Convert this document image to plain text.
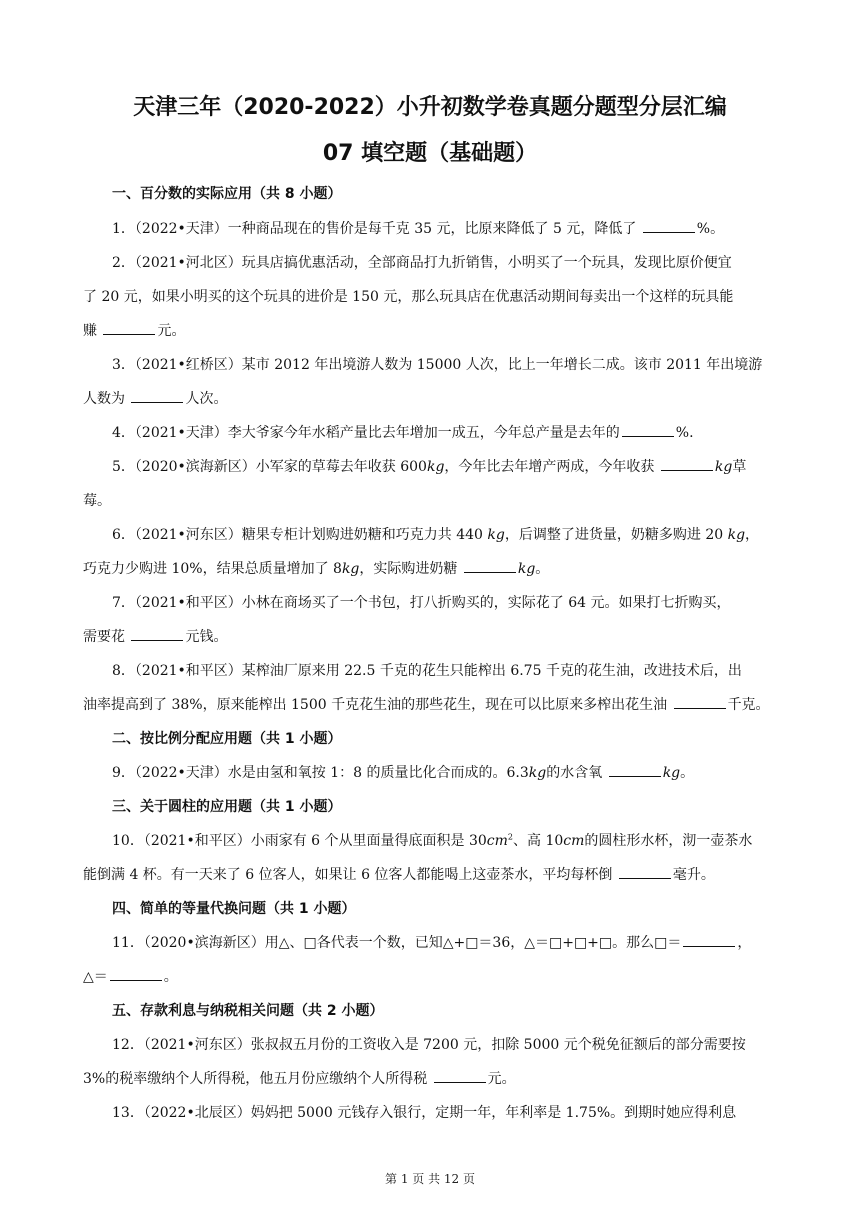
天津三年（2020-2022）小升初数学卷真题分题型分层汇编
07 填空题（基础题）
一、百分数的实际应用（共 8 小题）
1．（2022•天津）一种商品现在的售价是每千克 35 元，比原来降低了 5 元，降低了	%。
2．（2021•河北区）玩具店搞优惠活动，全部商品打九折销售，小明买了一个玩具，发现比原价便宜
了 20 元，如果小明买的这个玩具的进价是 150 元，那么玩具店在优惠活动期间每卖出一个这样的玩具能
赚	元。
3．（2021•红桥区）某市 2012 年出境游人数为 15000 人次，比上一年增长二成。该市 2011 年出境游
人数为	人次。
4．（2021•天津）李大爷家今年水稻产量比去年增加一成五，今年总产量是去年的	%.
5．（2020•滨海新区）小军家的草莓去年收获 600kg，今年比去年增产两成，今年收获	kg草
莓。
6．（2021•河东区）糖果专柜计划购进奶糖和巧克力共 440 kg，后调整了进货量，奶糖多购进 20 kg，
巧克力少购进 10%，结果总质量增加了 8kg，实际购进奶糖	kg。
7．（2021•和平区）小林在商场买了一个书包，打八折购买的，实际花了 64 元。如果打七折购买，
需要花	元钱。
8．（2021•和平区）某榨油厂原来用 22.5 千克的花生只能榨出 6.75 千克的花生油，改进技术后，出
油率提高到了 38%，原来能榨出 1500 千克花生油的那些花生，现在可以比原来多榨出花生油	千克。
二、按比例分配应用题（共 1 小题）
9．（2022•天津）水是由氢和氧按 1：8 的质量比化合而成的。6.3kg的水含氧	kg。
三、关于圆柱的应用题（共 1 小题）
10．（2021•和平区）小雨家有 6 个从里面量得底面积是 $30cm^2$、高 10cm的圆柱形水杯，沏一壶茶水
能倒满 4 杯。有一天来了 6 位客人，如果让 6 位客人都能喝上这壶茶水，平均每杯倒	毫升。
四、简单的等量代换问题（共 1 小题）
11．（2020•滨海新区）用△、□各代表一个数，已知△+□＝36，△＝□+□+□。那么□＝	，
△＝	。
五、存款利息与纳税相关问题（共 2 小题）
12．（2021•河东区）张叔叔五月份的工资收入是 7200 元，扣除 5000 元个税免征额后的部分需要按
3%的税率缴纳个人所得税，他五月份应缴纳个人所得税	元。
13．（2022•北辰区）妈妈把 5000 元钱存入银行，定期一年，年利率是 1.75%。到期时她应得利息
第 1 页 共 12 页
